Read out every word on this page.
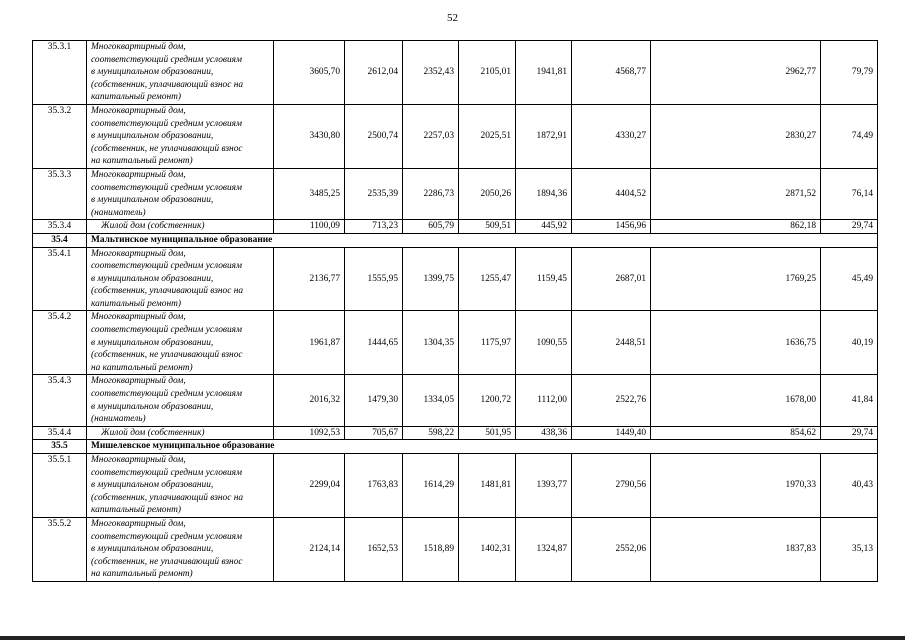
52
35.3.1	Многоквартирный дом,
соответствующий средним условиям
в муниципальном образовании,
(собственник, уплачивающий взнос на
капитальный ремонт)	3605,70	2612,04	2352,43	2105,01	1941,81	4568,77	2962,77	79,79
35.3.2	Многоквартирный дом,
соответствующий средним условиям
в муниципальном образовании,
(собственник, не уплачивающий взнос
на капитальный ремонт)	3430,80	2500,74	2257,03	2025,51	1872,91	4330,27	2830,27	74,49
35.3.3	Многоквартирный дом,
соответствующий средним условиям
в муниципальном образовании,
(наниматель)	3485,25	2535,39	2286,73	2050,26	1894,36	4404,52	2871,52	76,14
35.3.4	Жилой дом (собственник)	1100,09	713,23	605,79	509,51	445,92	1456,96	862,18	29,74
35.4	Мальтинское муниципальное образование								
35.4.1	Многоквартирный дом,
соответствующий средним условиям
в муниципальном образовании,
(собственник, уплачивающий взнос на
капитальный ремонт)	2136,77	1555,95	1399,75	1255,47	1159,45	2687,01	1769,25	45,49
35.4.2	Многоквартирный дом,
соответствующий средним условиям
в муниципальном образовании,
(собственник, не уплачивающий взнос
на капитальный ремонт)	1961,87	1444,65	1304,35	1175,97	1090,55	2448,51	1636,75	40,19
35.4.3	Многоквартирный дом,
соответствующий средним условиям
в муниципальном образовании,
(наниматель)	2016,32	1479,30	1334,05	1200,72	1112,00	2522,76	1678,00	41,84
35.4.4	Жилой дом (собственник)	1092,53	705,67	598,22	501,95	438,36	1449,40	854,62	29,74
35.5	Мишелевское муниципальное образование								
35.5.1	Многоквартирный дом,
соответствующий средним условиям
в муниципальном образовании,
(собственник, уплачивающий взнос на
капитальный ремонт)	2299,04	1763,83	1614,29	1481,81	1393,77	2790,56	1970,33	40,43
35.5.2	Многоквартирный дом,
соответствующий средним условиям
в муниципальном образовании,
(собственник, не уплачивающий взнос
на капитальный ремонт)	2124,14	1652,53	1518,89	1402,31	1324,87	2552,06	1837,83	35,13
